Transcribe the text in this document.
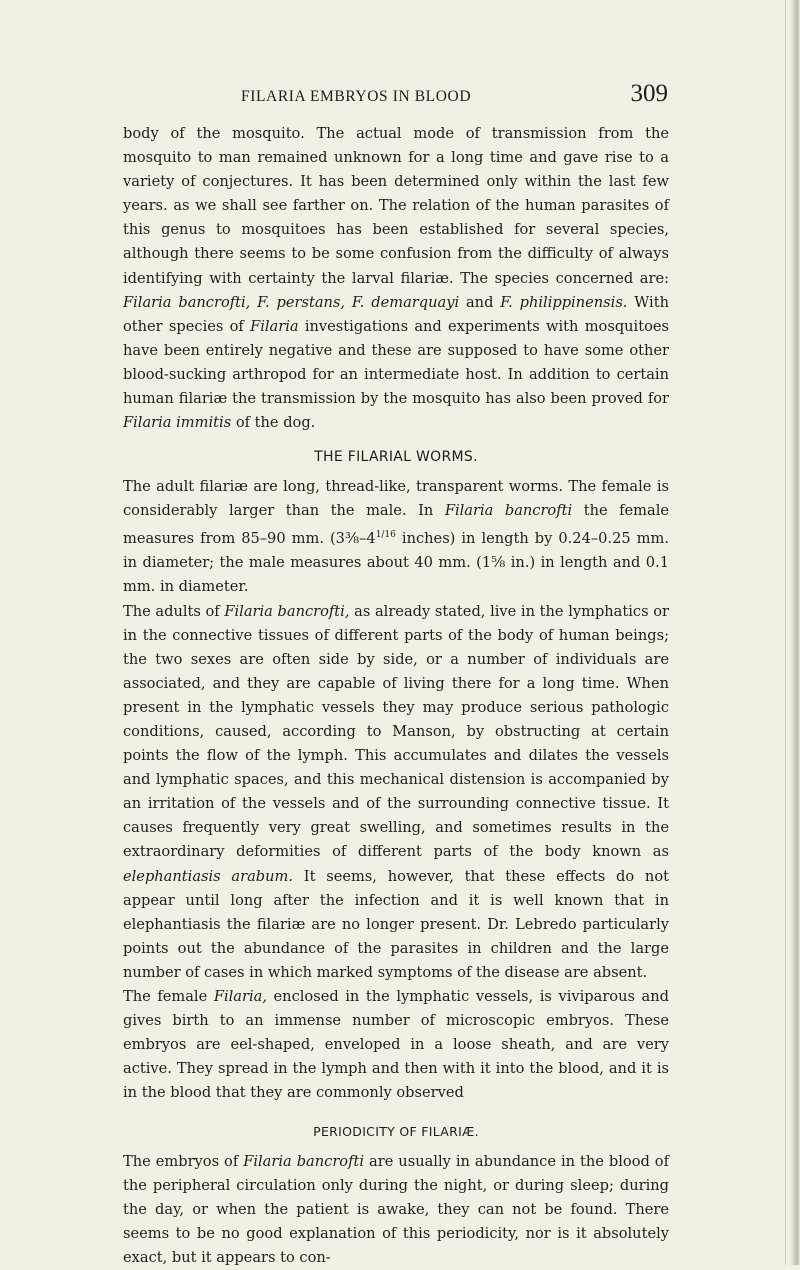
FILARIA EMBRYOS IN BLOOD	309

body of the mosquito. The actual mode of transmission from the mosquito to man remained unknown for a long time and gave rise to a variety of conjectures. It has been determined only within the last few years. as we shall see farther on. The relation of the human parasites of this genus to mosquitoes has been established for several species, although there seems to be some confusion from the difficulty of always identifying with certainty the larval filariæ. The species concerned are: Filaria bancrofti, F. perstans, F. demarquayi and F. philippinensis. With other species of Filaria investigations and experiments with mosquitoes have been entirely negative and these are supposed to have some other blood-sucking arthropod for an intermediate host. In addition to certain human filariæ the transmission by the mosquito has also been proved for Filaria immitis of the dog.

THE FILARIAL WORMS.

The adult filariæ are long, thread-like, transparent worms. The female is considerably larger than the male. In Filaria bancrofti the female measures from 85–90 mm. ($3\frac{3}{8}-4^{1/16}$ inches) in length by 0.24–0.25 mm. in diameter; the male measures about 40 mm. (1⅝ in.) in length and 0.1 mm. in diameter.

The adults of Filaria bancrofti, as already stated, live in the lymphatics or in the connective tissues of different parts of the body of human beings; the two sexes are often side by side, or a number of individuals are associated, and they are capable of living there for a long time. When present in the lymphatic vessels they may produce serious pathologic conditions, caused, according to Manson, by obstructing at certain points the flow of the lymph. This accumulates and dilates the vessels and lymphatic spaces, and this mechanical distension is accompanied by an irritation of the vessels and of the surrounding connective tissue. It causes frequently very great swelling, and sometimes results in the extraordinary deformities of different parts of the body known as elephantiasis arabum. It seems, however, that these effects do not appear until long after the infection and it is well known that in elephantiasis the filariæ are no longer present. Dr. Lebredo particularly points out the abundance of the parasites in children and the large number of cases in which marked symptoms of the disease are absent.

The female Filaria, enclosed in the lymphatic vessels, is viviparous and gives birth to an immense number of microscopic embryos. These embryos are eel-shaped, enveloped in a loose sheath, and are very active. They spread in the lymph and then with it into the blood, and it is in the blood that they are commonly observed

PERIODICITY OF FILARIÆ.

The embryos of Filaria bancrofti are usually in abundance in the blood of the peripheral circulation only during the night, or during sleep; during the day, or when the patient is awake, they can not be found. There seems to be no good explanation of this periodicity, nor is it absolutely exact, but it appears to con-
